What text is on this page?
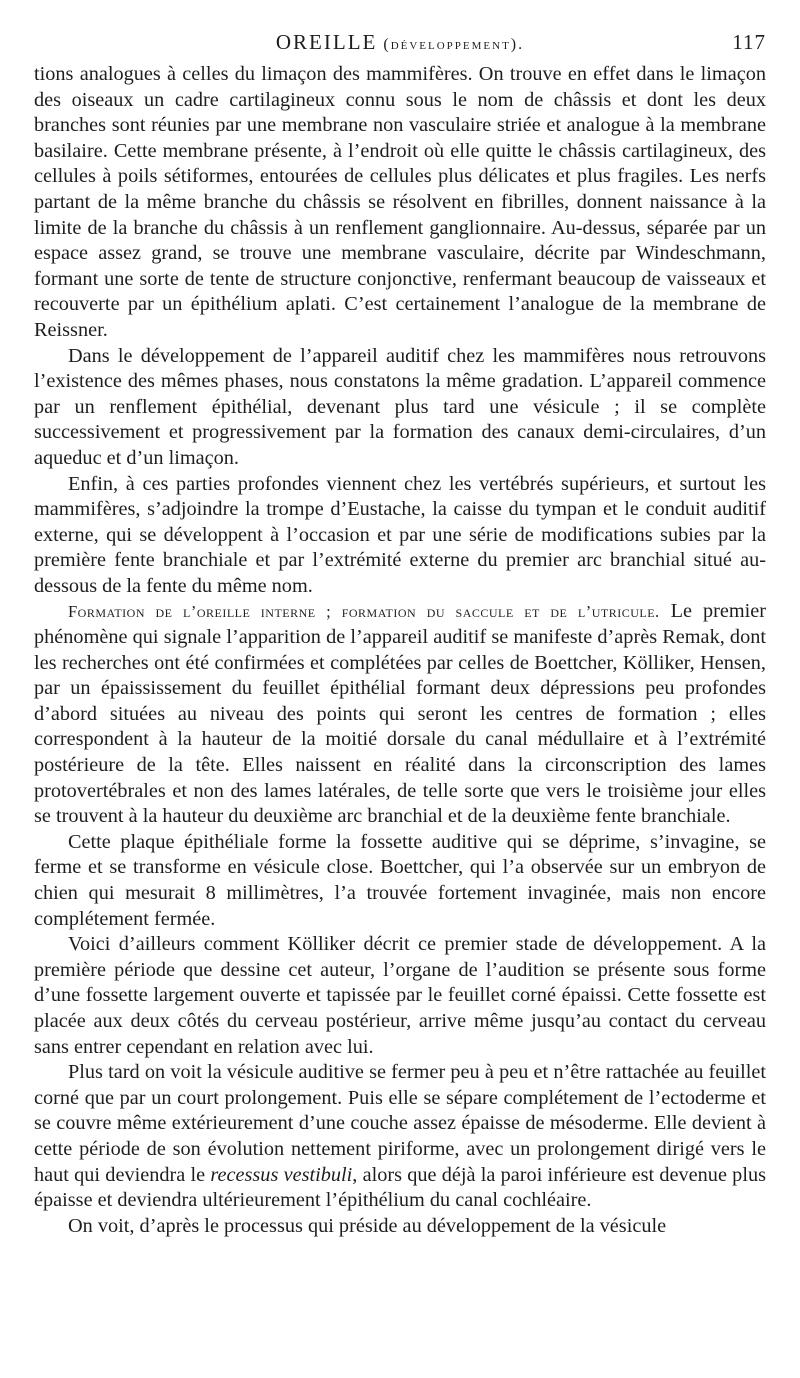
OREILLE (développement).	117

tions analogues à celles du limaçon des mammifères. On trouve en effet dans le limaçon des oiseaux un cadre cartilagineux connu sous le nom de châssis et dont les deux branches sont réunies par une membrane non vasculaire striée et analogue à la membrane basilaire. Cette membrane présente, à l’endroit où elle quitte le châssis cartilagineux, des cellules à poils sétiformes, entourées de cellules plus délicates et plus fragiles. Les nerfs partant de la même branche du châssis se résolvent en fibrilles, donnent naissance à la limite de la branche du châssis à un renflement ganglionnaire. Au-dessus, séparée par un espace assez grand, se trouve une membrane vasculaire, décrite par Windeschmann, formant une sorte de tente de structure conjonctive, renfermant beaucoup de vaisseaux et recouverte par un épithélium aplati. C’est certainement l’analogue de la membrane de Reissner.

Dans le développement de l’appareil auditif chez les mammifères nous retrouvons l’existence des mêmes phases, nous constatons la même gradation. L’appareil commence par un renflement épithélial, devenant plus tard une vésicule ; il se complète successivement et progressivement par la formation des canaux demi-circulaires, d’un aqueduc et d’un limaçon.

Enfin, à ces parties profondes viennent chez les vertébrés supérieurs, et surtout les mammifères, s’adjoindre la trompe d’Eustache, la caisse du tympan et le conduit auditif externe, qui se développent à l’occasion et par une série de modifications subies par la première fente branchiale et par l’extrémité externe du premier arc branchial situé au-dessous de la fente du même nom.

Formation de l’oreille interne ; formation du saccule et de l’utricule. Le premier phénomène qui signale l’apparition de l’appareil auditif se manifeste d’après Remak, dont les recherches ont été confirmées et complétées par celles de Boettcher, Kölliker, Hensen, par un épaississement du feuillet épithélial formant deux dépressions peu profondes d’abord situées au niveau des points qui seront les centres de formation ; elles correspondent à la hauteur de la moitié dorsale du canal médullaire et à l’extrémité postérieure de la tête. Elles naissent en réalité dans la circonscription des lames protovertébrales et non des lames latérales, de telle sorte que vers le troisième jour elles se trouvent à la hauteur du deuxième arc branchial et de la deuxième fente branchiale.

Cette plaque épithéliale forme la fossette auditive qui se déprime, s’invagine, se ferme et se transforme en vésicule close. Boettcher, qui l’a observée sur un embryon de chien qui mesurait 8 millimètres, l’a trouvée fortement invaginée, mais non encore complétement fermée.

Voici d’ailleurs comment Kölliker décrit ce premier stade de développement. A la première période que dessine cet auteur, l’organe de l’audition se présente sous forme d’une fossette largement ouverte et tapissée par le feuillet corné épaissi. Cette fossette est placée aux deux côtés du cerveau postérieur, arrive même jusqu’au contact du cerveau sans entrer cependant en relation avec lui.

Plus tard on voit la vésicule auditive se fermer peu à peu et n’être rattachée au feuillet corné que par un court prolongement. Puis elle se sépare complétement de l’ectoderme et se couvre même extérieurement d’une couche assez épaisse de mésoderme. Elle devient à cette période de son évolution nettement piriforme, avec un prolongement dirigé vers le haut qui deviendra le recessus vestibuli, alors que déjà la paroi inférieure est devenue plus épaisse et deviendra ultérieurement l’épithélium du canal cochléaire.

On voit, d’après le processus qui préside au développement de la vésicule
